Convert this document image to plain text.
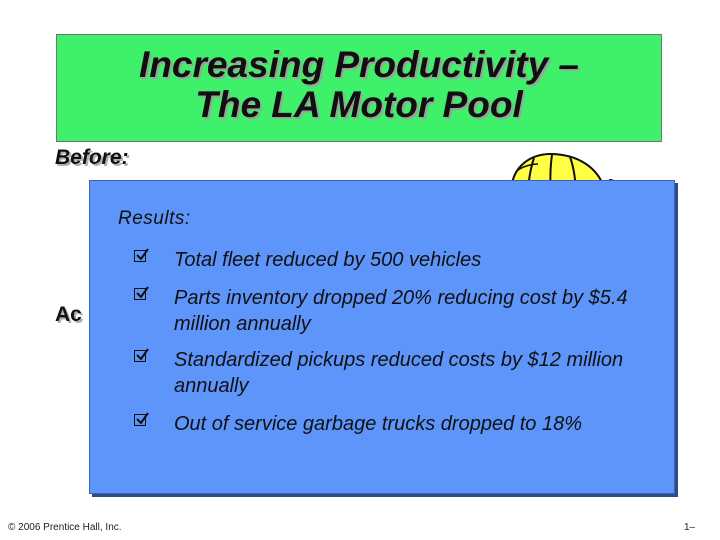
Increasing Productivity –
The LA Motor Pool
Before:
Ac
Results:
Total fleet reduced by 500 vehicles
Parts inventory dropped 20% reducing cost by $5.4 million annually
Standardized pickups reduced costs by $12 million annually
Out of service garbage trucks dropped to 18%
© 2006 Prentice Hall, Inc.	1–
